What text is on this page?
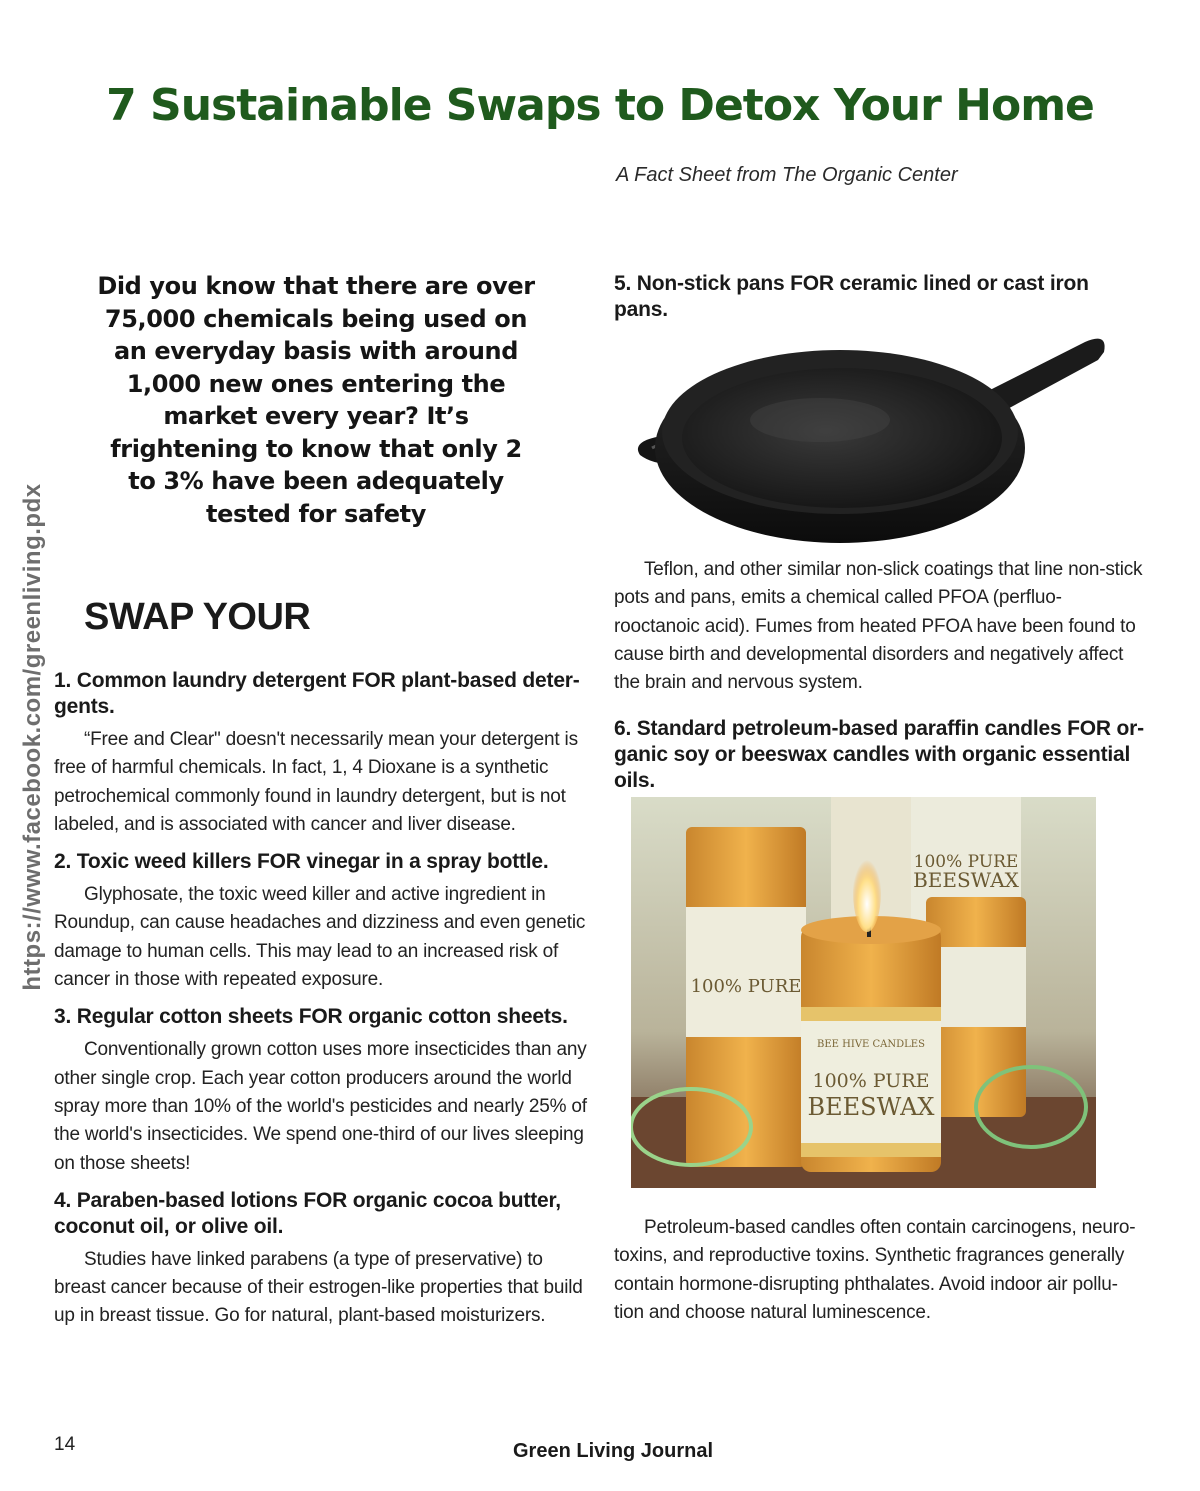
7 Sustainable Swaps to Detox Your Home
A Fact Sheet from The Organic Center
https://www.facebook.com/greenliving.pdx

Did you know that there are over 75,000 chemicals being used on an everyday basis with around 1,000 new ones entering the market every year? It’s frightening to know that only 2 to 3% have been adequately tested for safety

SWAP YOUR
1. Common laundry detergent FOR plant-based deter-gents.

“Free and Clear" doesn't necessarily mean your detergent is free of harmful chemicals. In fact, 1, 4 Dioxane is a synthetic petrochemical commonly found in laundry detergent, but is not labeled, and is associated with cancer and liver disease.

2. Toxic weed killers FOR vinegar in a spray bottle.

Glyphosate, the toxic weed killer and active ingredient in Roundup, can cause headaches and dizziness and even genetic damage to human cells. This may lead to an increased risk of cancer in those with repeated exposure.

3. Regular cotton sheets FOR organic cotton sheets.

Conventionally grown cotton uses more insecticides than any other single crop. Each year cotton producers around the world spray more than 10% of the world's pesticides and nearly 25% of the world's insecticides. We spend one-third of our lives sleeping on those sheets!

4. Paraben-based lotions FOR organic cocoa butter, coconut oil, or olive oil.

Studies have linked parabens (a type of preservative) to breast cancer because of their estrogen-like properties that build up in breast tissue. Go for natural, plant-based moisturizers.

5. Non-stick pans FOR ceramic lined or cast iron pans.

Teflon, and other similar non-slick coatings that line non-stick pots and pans, emits a chemical called PFOA (perfluo-rooctanoic acid). Fumes from heated PFOA have been found to cause birth and developmental disorders and negatively affect the brain and nervous system.

6. Standard petroleum-based paraffin candles FOR or-ganic soy or beeswax candles with organic essential oils.
100% PURE
BEESWAX
100% PURE
BEE HIVE CANDLES
100% PURE
BEESWAX

Petroleum-based candles often contain carcinogens, neuro-toxins, and reproductive toxins. Synthetic fragrances generally contain hormone-disrupting phthalates. Avoid indoor air pollu-tion and choose natural luminescence.

14	Green Living Journal
